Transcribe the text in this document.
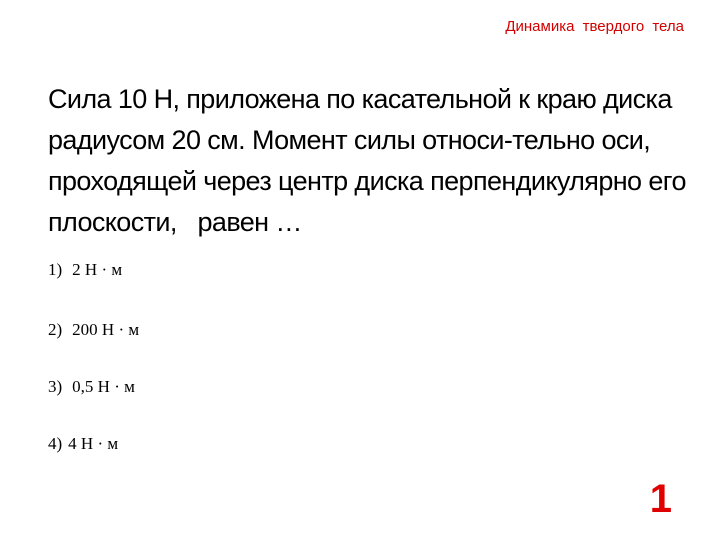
Динамика твердого тела

Сила 10 Н, приложена по касательной к краю диска радиусом 20 см. Момент силы относи-тельно оси, проходящей через центр диска перпендикулярно его плоскости,   равен …

1) 2 Н · м
2) 200 Н · м
3) 0,5 Н · м
4) 4 Н · м
1
